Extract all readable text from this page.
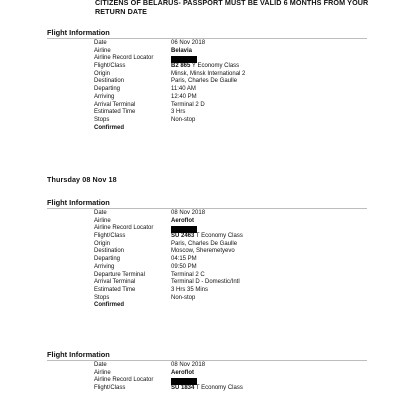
CITIZENS OF BELARUS- PASSPORT MUST BE VALID 6 MONTHS FROM YOUR
RETURN DATE
Flight Information
Date	06 Nov 2018
Airline	Belavia
Airline Record Locator
Flight/Class	B2 865 Y Economy Class
Origin	Minsk, Minsk International 2
Destination	Paris, Charles De Gaulle
Departing	11:40 AM
Arriving	12:40 PM
Arrival Terminal	Terminal 2 D
Estimated Time	3 Hrs
Stops	Non-stop
Confirmed
Thursday 08 Nov 18
Flight Information
Date	08 Nov 2018
Airline	Aeroflot
Airline Record Locator
Flight/Class	SU 2463 T Economy Class
Origin	Paris, Charles De Gaulle
Destination	Moscow, Sheremetyevo
Departing	04:15 PM
Arriving	09:50 PM
Departure Terminal	Terminal 2 C
Arrival Terminal	Terminal D - Domestic/Intl
Estimated Time	3 Hrs 35 Mins
Stops	Non-stop
Confirmed
Flight Information
Date	08 Nov 2018
Airline	Aeroflot
Airline Record Locator
Flight/Class	SU 1834 T Economy Class
